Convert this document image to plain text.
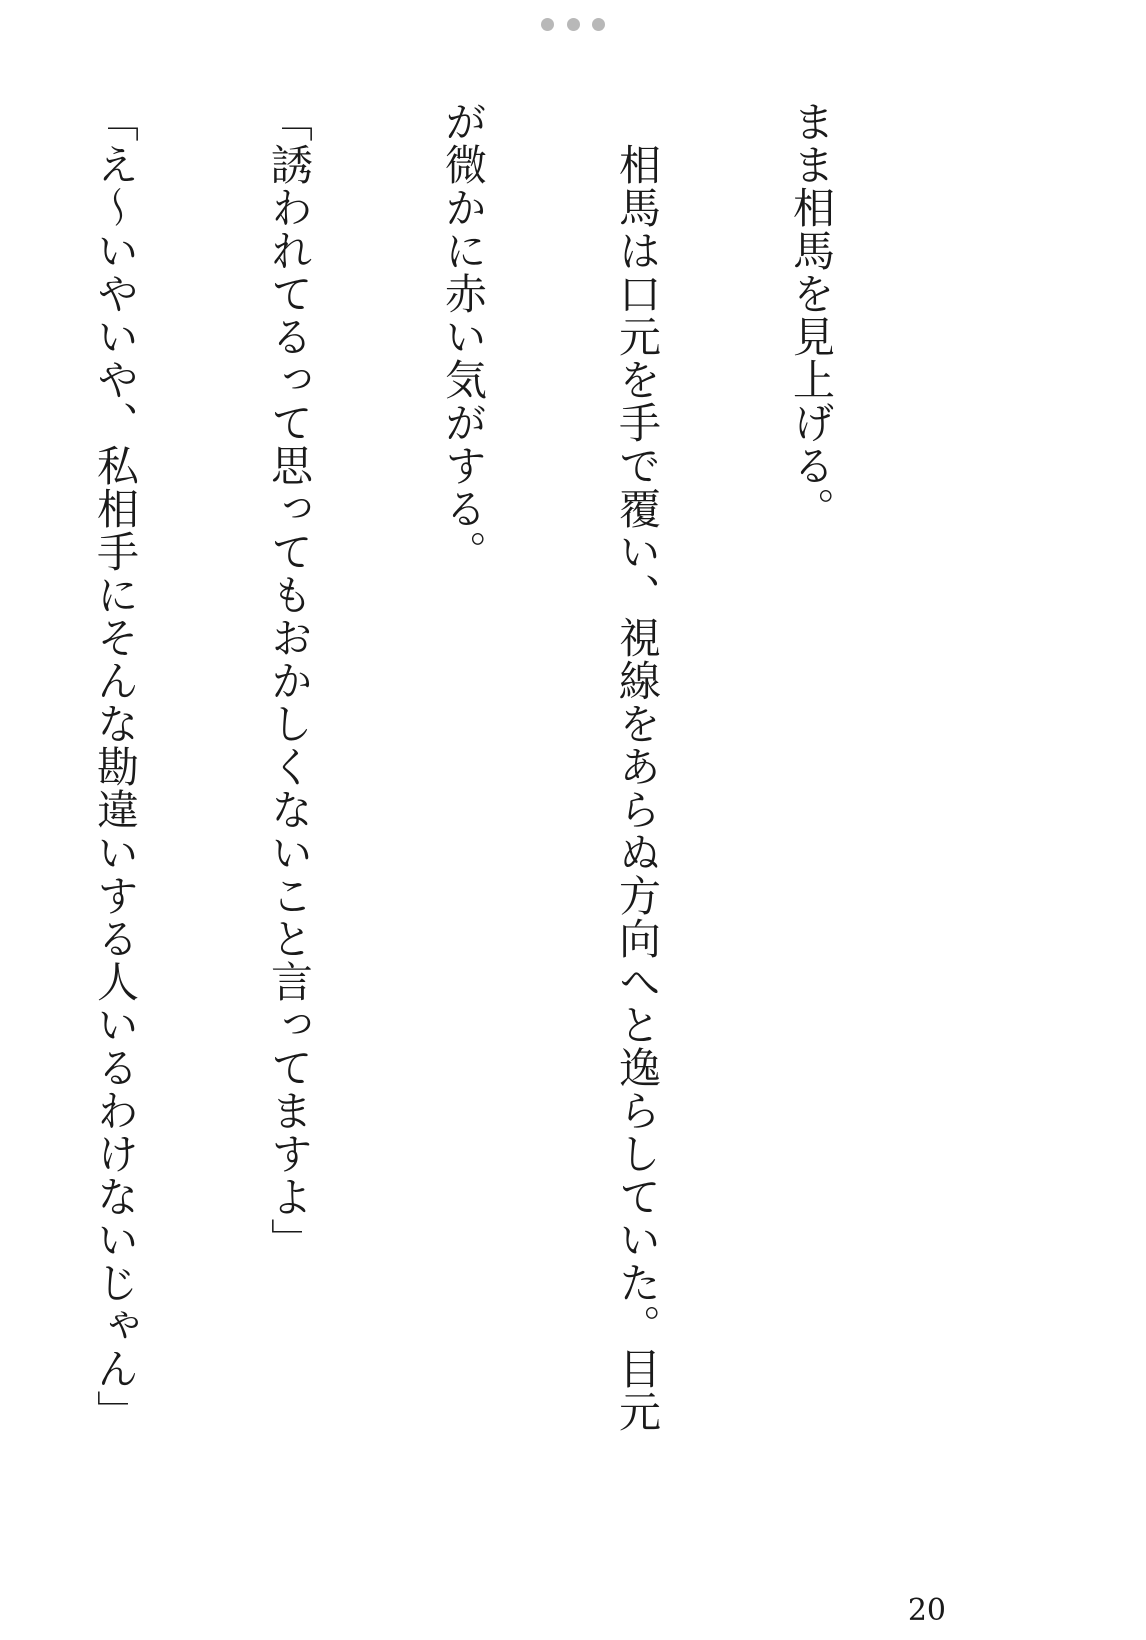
まま相馬を見上げる。

　相馬は口元を手で覆い、視線をあらぬ方向へと逸らしていた。目元

が微かに赤い気がする。

「誘われてるって思ってもおかしくないこと言ってますよ」

「え～いやいや、私相手にそんな勘違いする人いるわけないじゃん」

20
